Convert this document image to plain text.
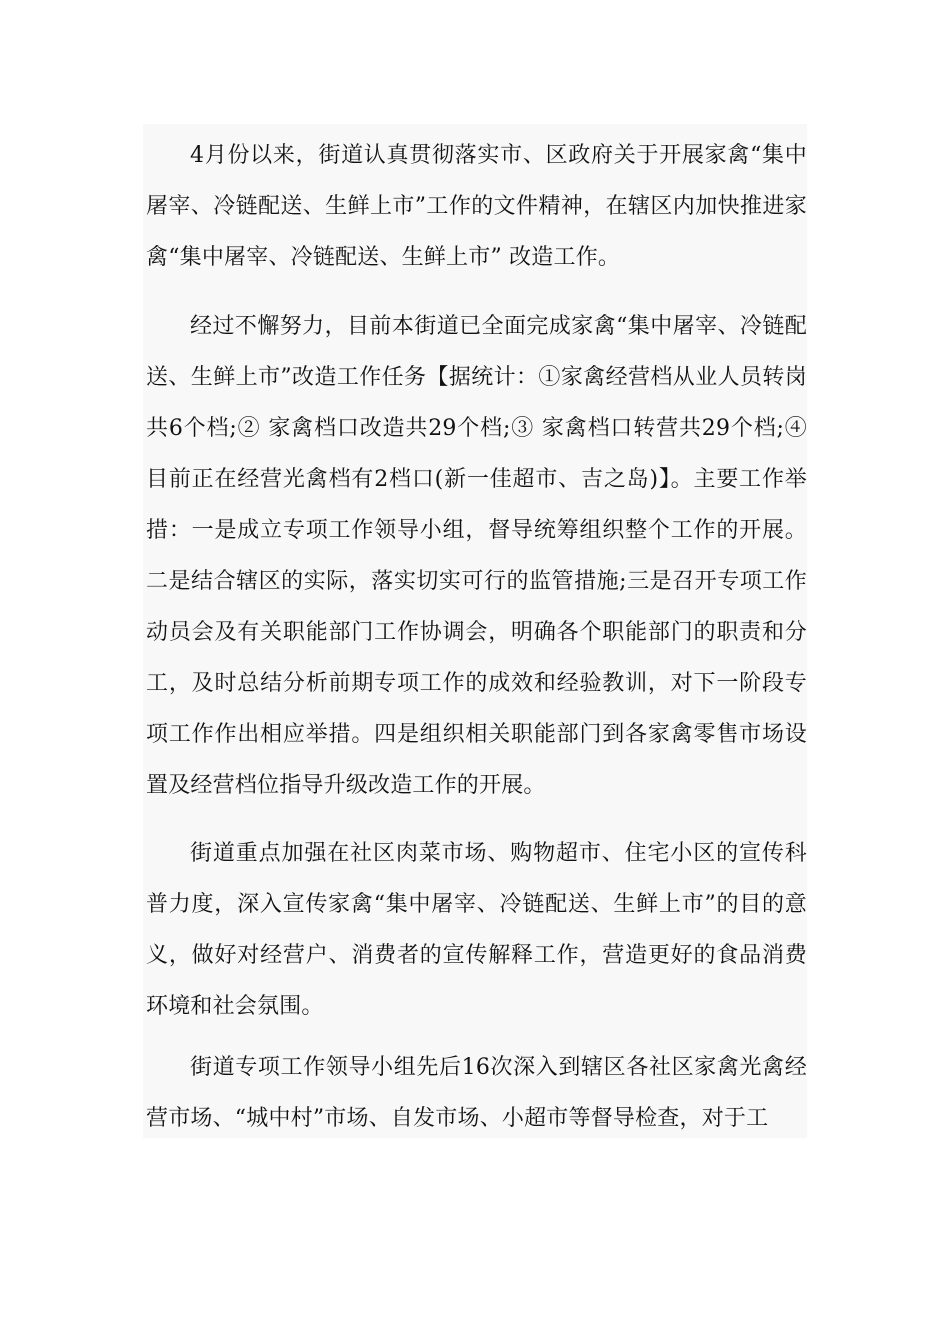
4月份以来，街道认真贯彻落实市、区政府关于开展家禽“集中屠宰、冷链配送、生鲜上市”工作的文件精神，在辖区内加快推进家禽“集中屠宰、冷链配送、生鲜上市” 改造工作。

经过不懈努力，目前本街道已全面完成家禽“集中屠宰、冷链配送、生鲜上市”改造工作任务【据统计：①家禽经营档从业人员转岗共6个档;② 家禽档口改造共29个档;③ 家禽档口转营共29个档;④ 目前正在经营光禽档有2档口(新一佳超市、吉之岛)】。主要工作举措：一是成立专项工作领导小组，督导统筹组织整个工作的开展。二是结合辖区的实际，落实切实可行的监管措施;三是召开专项工作动员会及有关职能部门工作协调会，明确各个职能部门的职责和分工，及时总结分析前期专项工作的成效和经验教训，对下一阶段专项工作作出相应举措。四是组织相关职能部门到各家禽零售市场设置及经营档位指导升级改造工作的开展。

街道重点加强在社区肉菜市场、购物超市、住宅小区的宣传科普力度，深入宣传家禽“集中屠宰、冷链配送、生鲜上市”的目的意义，做好对经营户、消费者的宣传解释工作，营造更好的食品消费环境和社会氛围。

街道专项工作领导小组先后16次深入到辖区各社区家禽光禽经营市场、“城中村”市场、自发市场、小超市等督导检查，对于工
